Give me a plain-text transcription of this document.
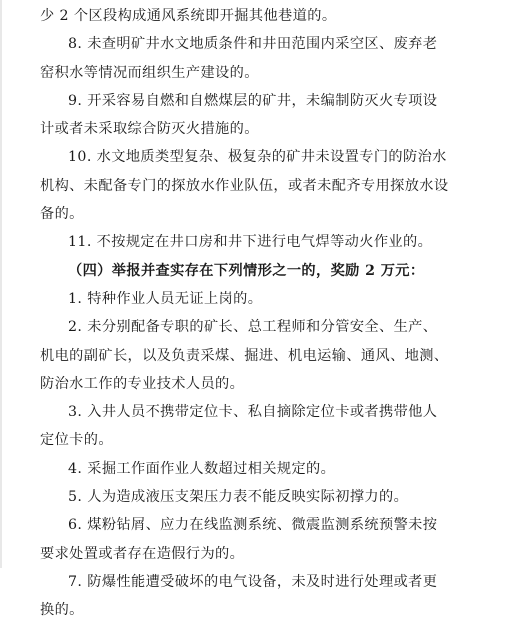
少 2 个区段构成通风系统即开掘其他巷道的。
8. 未查明矿井水文地质条件和井田范围内采空区、废弃老
窑积水等情况而组织生产建设的。
9. 开采容易自燃和自燃煤层的矿井，未编制防灭火专项设
计或者未采取综合防灭火措施的。
10. 水文地质类型复杂、极复杂的矿井未设置专门的防治水
机构、未配备专门的探放水作业队伍，或者未配齐专用探放水设
备的。
11. 不按规定在井口房和井下进行电气焊等动火作业的。
（四）举报并查实存在下列情形之一的，奖励 2 万元：
1. 特种作业人员无证上岗的。
2. 未分别配备专职的矿长、总工程师和分管安全、生产、
机电的副矿长，以及负责采煤、掘进、机电运输、通风、地测、
防治水工作的专业技术人员的。
3. 入井人员不携带定位卡、私自摘除定位卡或者携带他人
定位卡的。
4. 采掘工作面作业人数超过相关规定的。
5. 人为造成液压支架压力表不能反映实际初撑力的。
6. 煤粉钻屑、应力在线监测系统、微震监测系统预警未按
要求处置或者存在造假行为的。
7. 防爆性能遭受破坏的电气设备，未及时进行处理或者更
换的。
